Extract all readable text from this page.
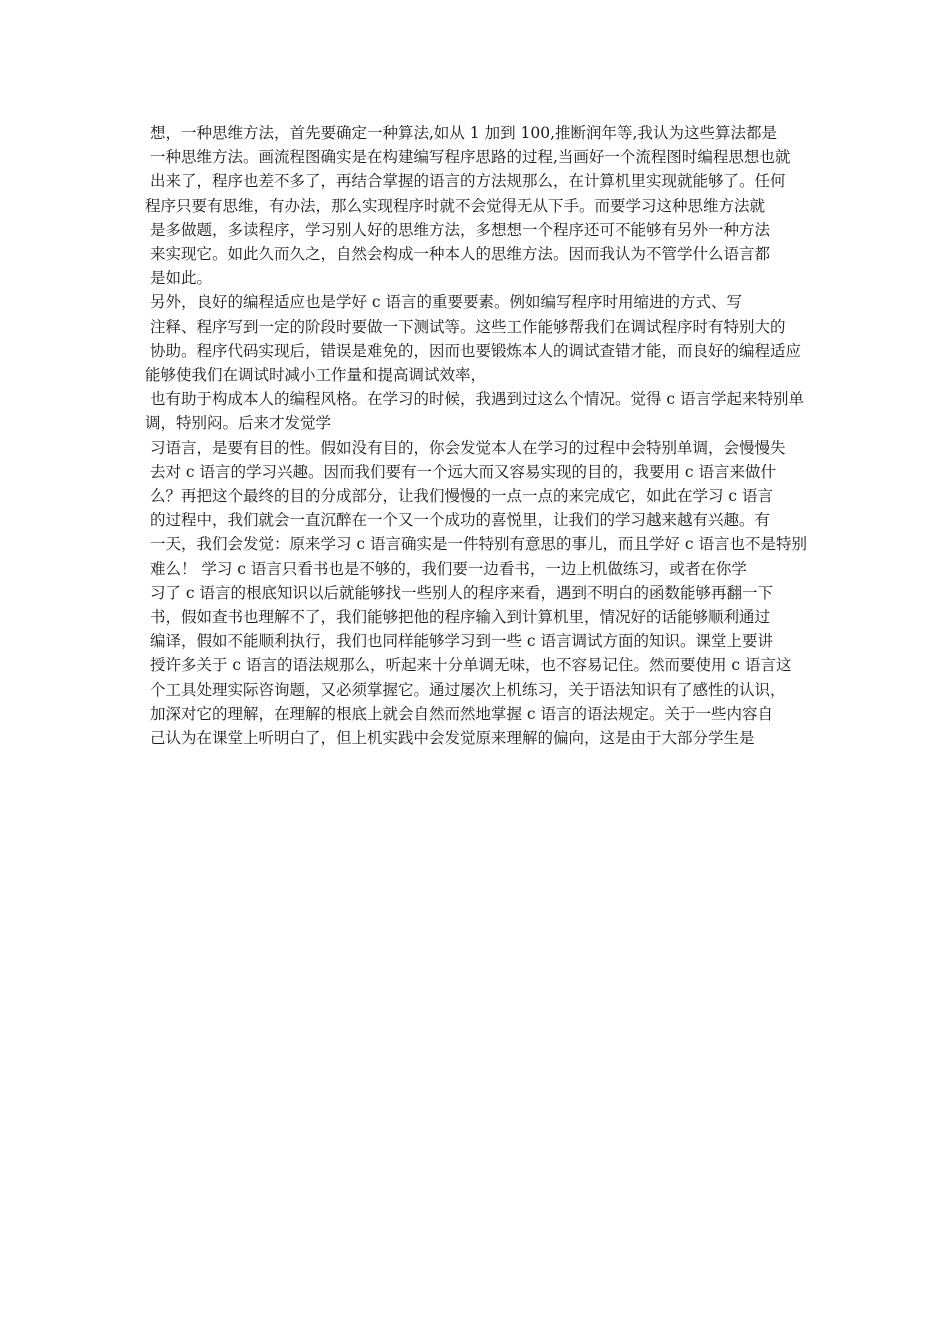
想，一种思维方法，首先要确定一种算法,如从 1 加到 100,推断润年等,我认为这些算法都是

一种思维方法。画流程图确实是在构建编写程序思路的过程,当画好一个流程图时编程思想也就

出来了，程序也差不多了，再结合掌握的语言的方法规那么，在计算机里实现就能够了。任何

程序只要有思维，有办法，那么实现程序时就不会觉得无从下手。而要学习这种思维方法就

是多做题，多读程序，学习别人好的思维方法，多想想一个程序还可不能够有另外一种方法

来实现它。如此久而久之，自然会构成一种本人的思维方法。因而我认为不管学什么语言都

是如此。

另外，良好的编程适应也是学好 c 语言的重要要素。例如编写程序时用缩进的方式、写

注释、程序写到一定的阶段时要做一下测试等。这些工作能够帮我们在调试程序时有特别大的

协助。程序代码实现后，错误是难免的，因而也要锻炼本人的调试查错才能，而良好的编程适应能够使我们在调试时减小工作量和提高调试效率，

也有助于构成本人的编程风格。在学习的时候，我遇到过这么个情况。觉得 c 语言学起来特别单调，特别闷。后来才发觉学

习语言，是要有目的性。假如没有目的，你会发觉本人在学习的过程中会特别单调，会慢慢失

去对 c 语言的学习兴趣。因而我们要有一个远大而又容易实现的目的，我要用 c 语言来做什

么？再把这个最终的目的分成部分，让我们慢慢的一点一点的来完成它，如此在学习 c 语言

的过程中，我们就会一直沉醉在一个又一个成功的喜悦里，让我们的学习越来越有兴趣。有

一天，我们会发觉：原来学习 c 语言确实是一件特别有意思的事儿，而且学好 c 语言也不是特别

难么！ 学习 c 语言只看书也是不够的，我们要一边看书，一边上机做练习，或者在你学

习了 c 语言的根底知识以后就能够找一些别人的程序来看，遇到不明白的函数能够再翻一下

书，假如查书也理解不了，我们能够把他的程序输入到计算机里，情况好的话能够顺利通过

编译，假如不能顺利执行，我们也同样能够学习到一些 c 语言调试方面的知识。课堂上要讲

授许多关于 c 语言的语法规那么，听起来十分单调无味，也不容易记住。然而要使用 c 语言这

个工具处理实际咨询题，又必须掌握它。通过屡次上机练习，关于语法知识有了感性的认识，

加深对它的理解，在理解的根底上就会自然而然地掌握 c 语言的语法规定。关于一些内容自

己认为在课堂上听明白了，但上机实践中会发觉原来理解的偏向，这是由于大部分学生是
